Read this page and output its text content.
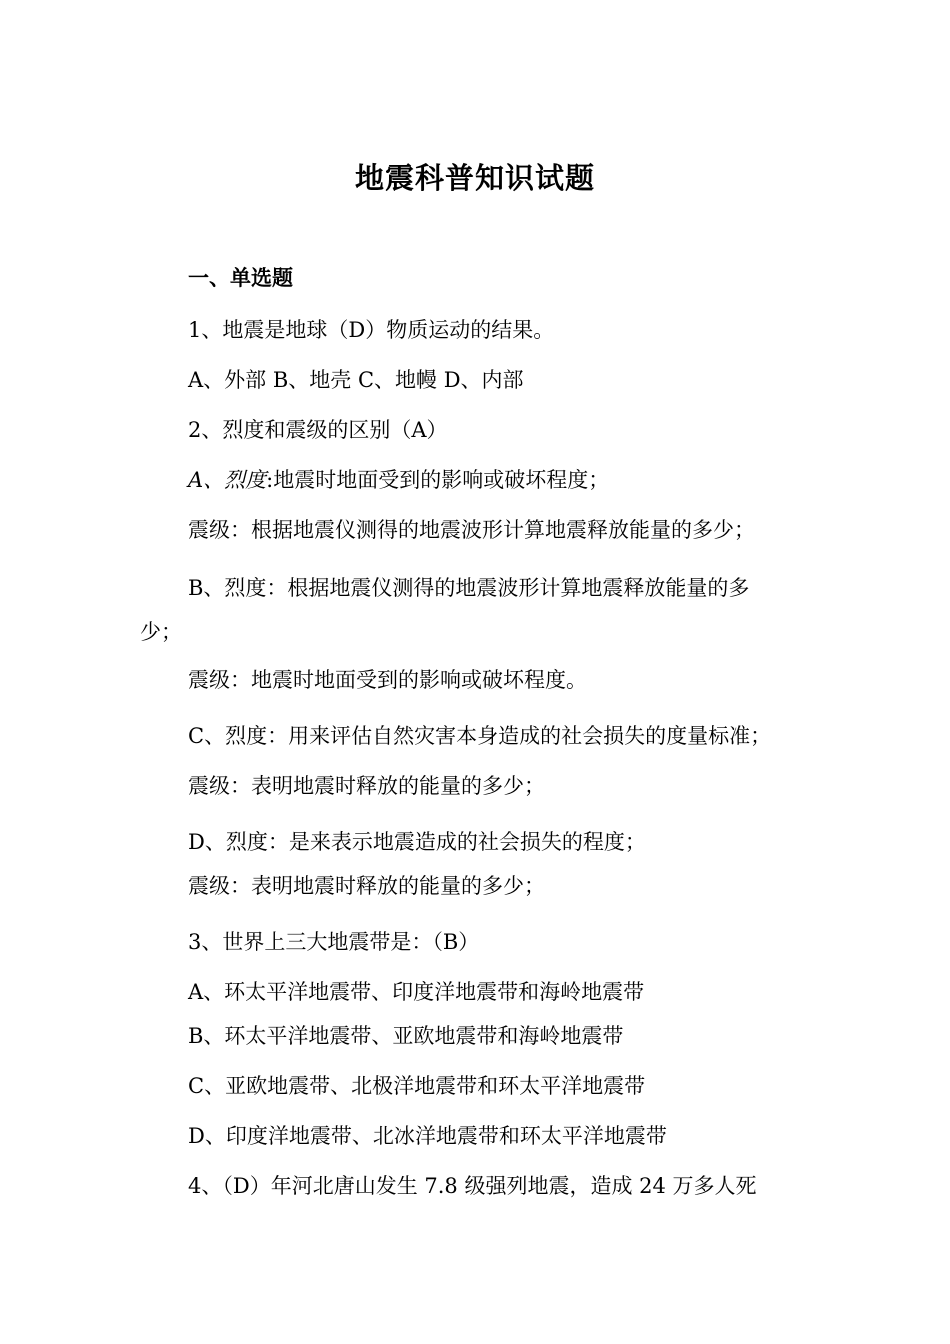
地震科普知识试题
一、单选题
1、地震是地球（D）物质运动的结果。
A、外部 B、地壳 C、地幔 D、内部
2、烈度和震级的区别（A）
A、烈度:地震时地面受到的影响或破坏程度；
震级：根据地震仪测得的地震波形计算地震释放能量的多少；
B、烈度：根据地震仪测得的地震波形计算地震释放能量的多
少；
震级：地震时地面受到的影响或破坏程度。
C、烈度：用来评估自然灾害本身造成的社会损失的度量标准；
震级：表明地震时释放的能量的多少；
D、烈度：是来表示地震造成的社会损失的程度；
震级：表明地震时释放的能量的多少；
3、世界上三大地震带是：（B）
A、环太平洋地震带、印度洋地震带和海岭地震带
B、环太平洋地震带、亚欧地震带和海岭地震带
C、亚欧地震带、北极洋地震带和环太平洋地震带
D、印度洋地震带、北冰洋地震带和环太平洋地震带
4、（D）年河北唐山发生 7.8 级强列地震，造成 24 万多人死
